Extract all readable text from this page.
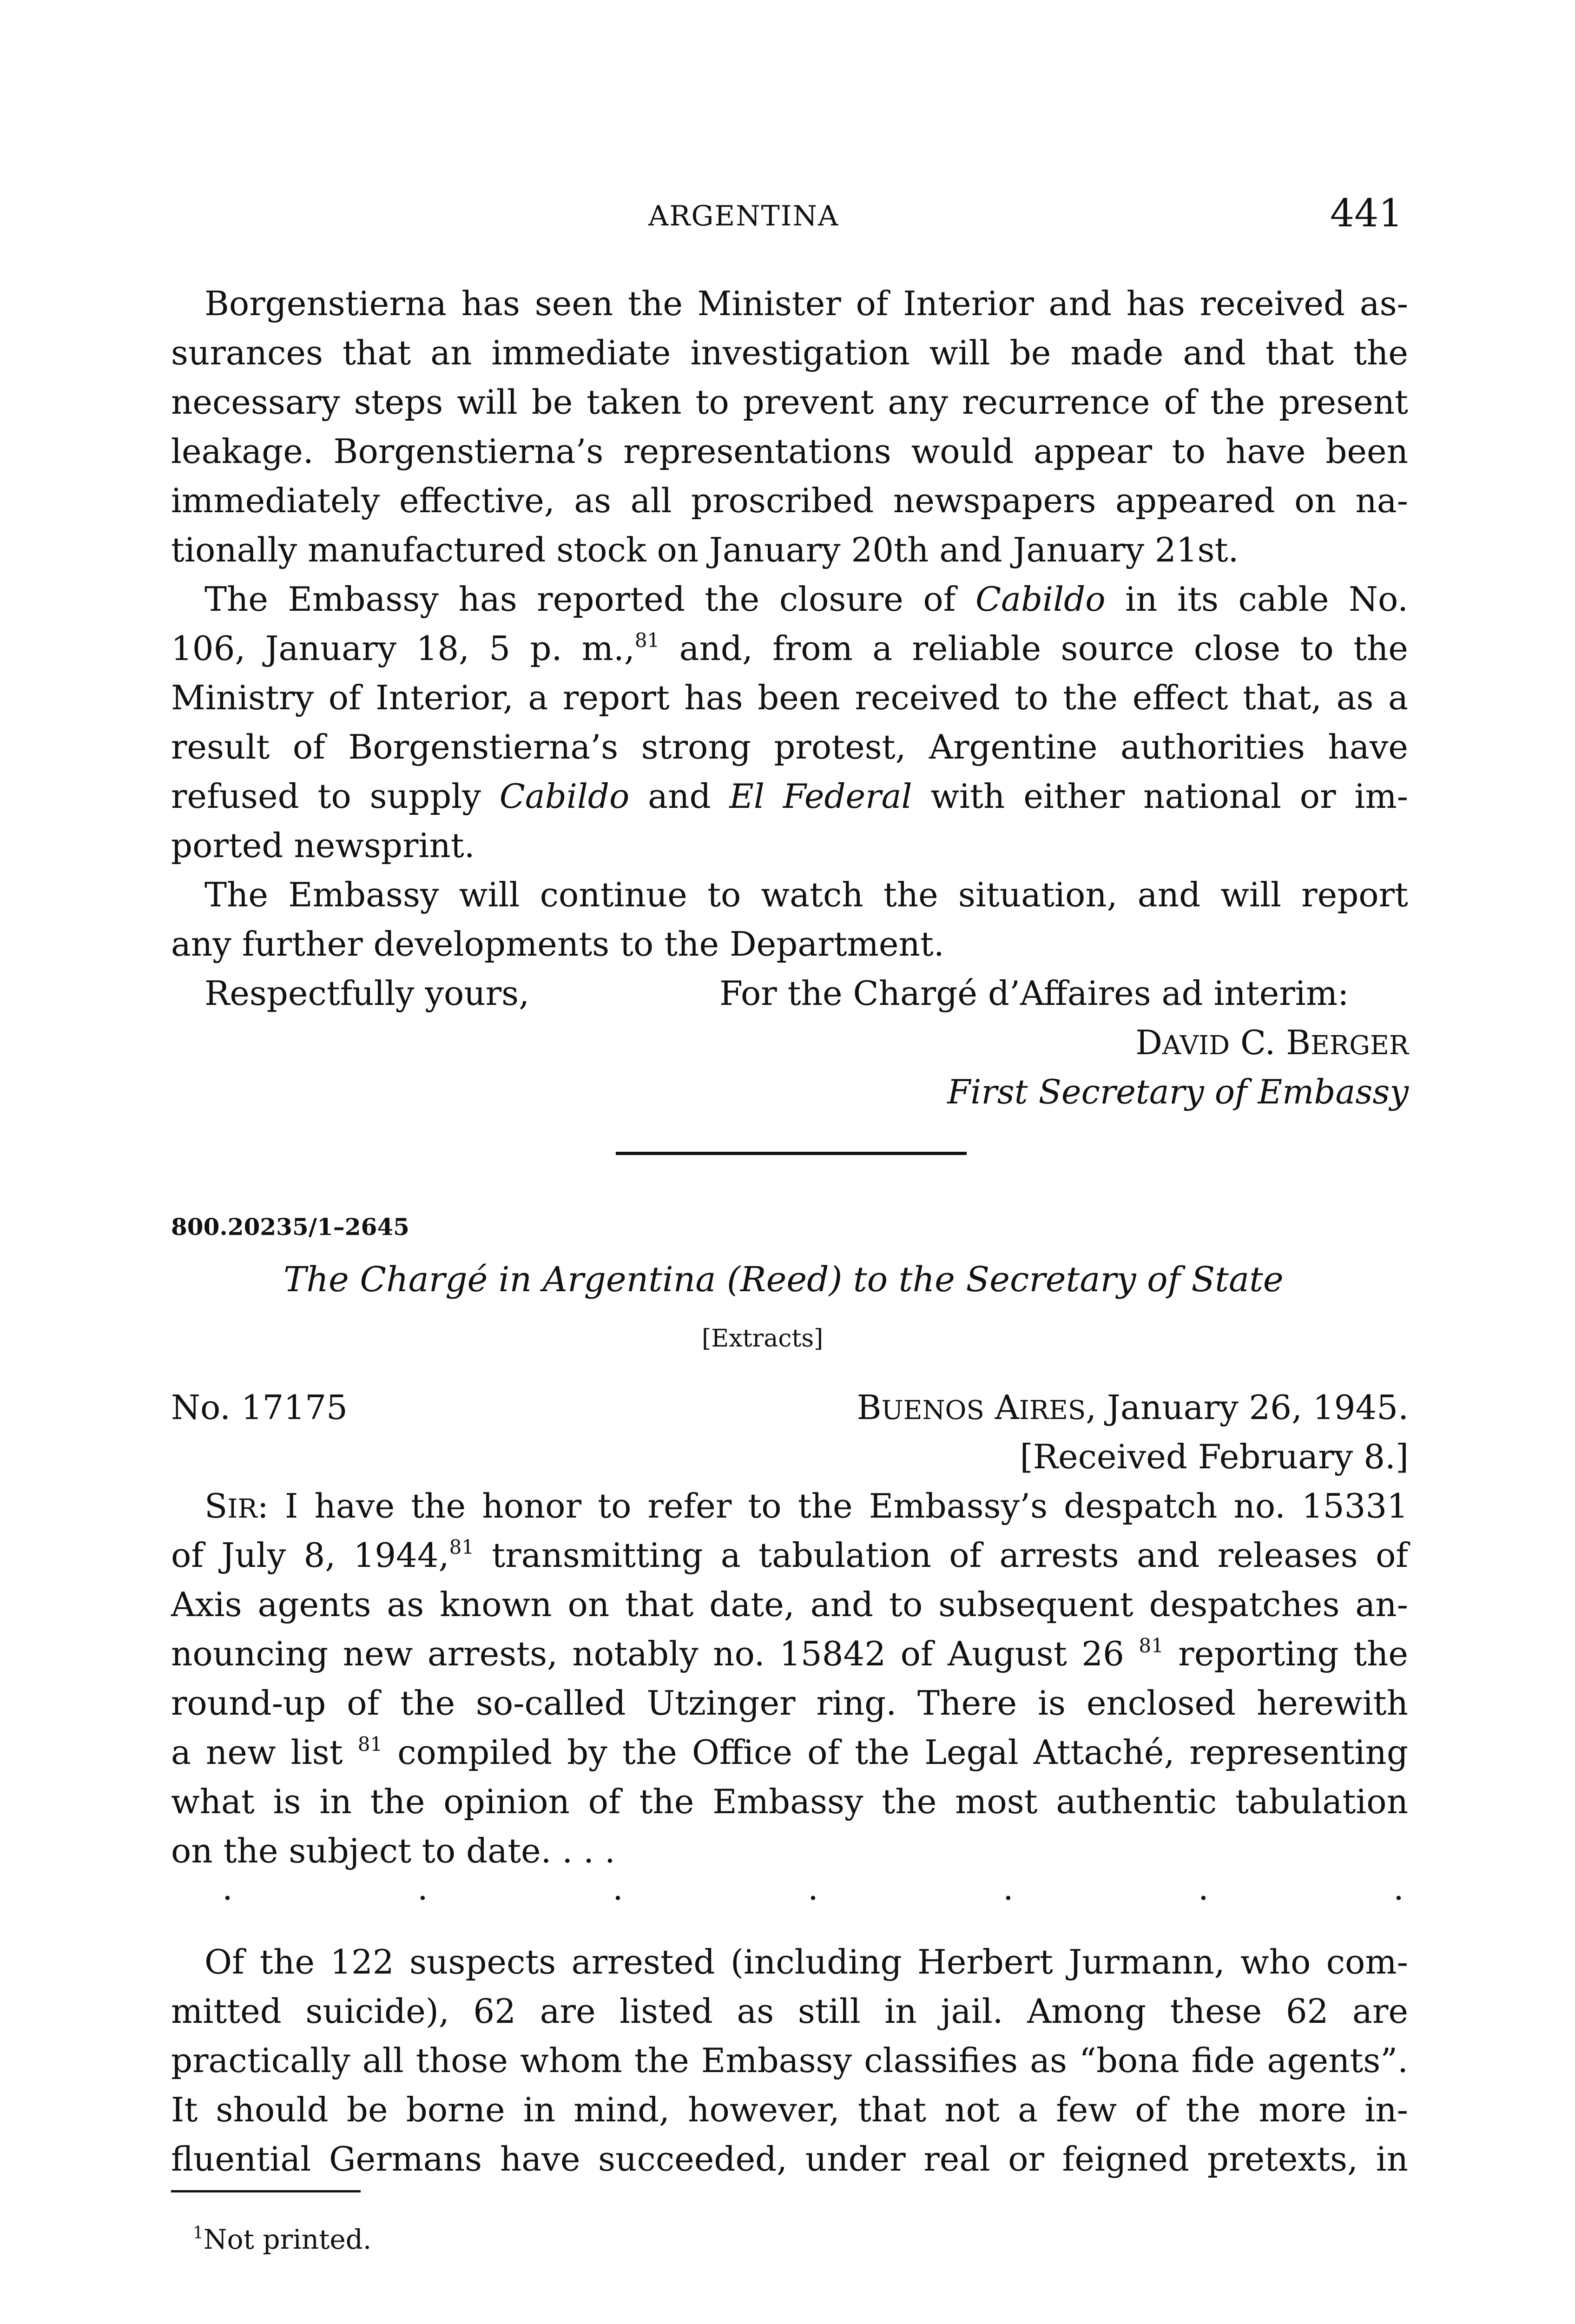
ARGENTINA	441
Borgenstierna has seen the Minister of Interior and has received as-
surances that an immediate investigation will be made and that the
necessary steps will be taken to prevent any recurrence of the present
leakage. Borgenstierna’s representations would appear to have been
immediately effective, as all proscribed newspapers appeared on na-
tionally manufactured stock on January 20th and January 21st.
The Embassy has reported the closure of Cabildo in its cable No.
106, January 18, 5 p. m.,$^{81}$ and, from a reliable source close to the
Ministry of Interior, a report has been received to the effect that, as a
result of Borgenstierna’s strong protest, Argentine authorities have
refused to supply Cabildo and El Federal with either national or im-
ported newsprint.
The Embassy will continue to watch the situation, and will report
any further developments to the Department.
Respectfully yours,	For the Chargé d’Affaires ad interim:
DAVID C. BERGER
First Secretary of Embassy
800.20235/1–2645
The Chargé in Argentina (Reed) to the Secretary of State
[Extracts]
No. 17175	BUENOS AIRES, January 26, 1945.
[Received February 8.]
SIR: I have the honor to refer to the Embassy’s despatch no. 15331
of July 8, 1944,81 transmitting a tabulation of arrests and releases of
Axis agents as known on that date, and to subsequent despatches an-
nouncing new arrests, notably no. 15842 of August 26 $^{81}$ reporting the
round-up of the so-called Utzinger ring. There is enclosed herewith
a new list $^{81}$ compiled by the Office of the Legal Attaché, representing
what is in the opinion of the Embassy the most authentic tabulation
on the subject to date. . . .
.	.	.	.	.	.	.
Of the 122 suspects arrested (including Herbert Jurmann, who com-
mitted suicide), 62 are listed as still in jail. Among these 62 are
practically all those whom the Embassy classifies as “bona fide agents”.
It should be borne in mind, however, that not a few of the more in-
fluential Germans have succeeded, under real or feigned pretexts, in
$^1$Not printed.
